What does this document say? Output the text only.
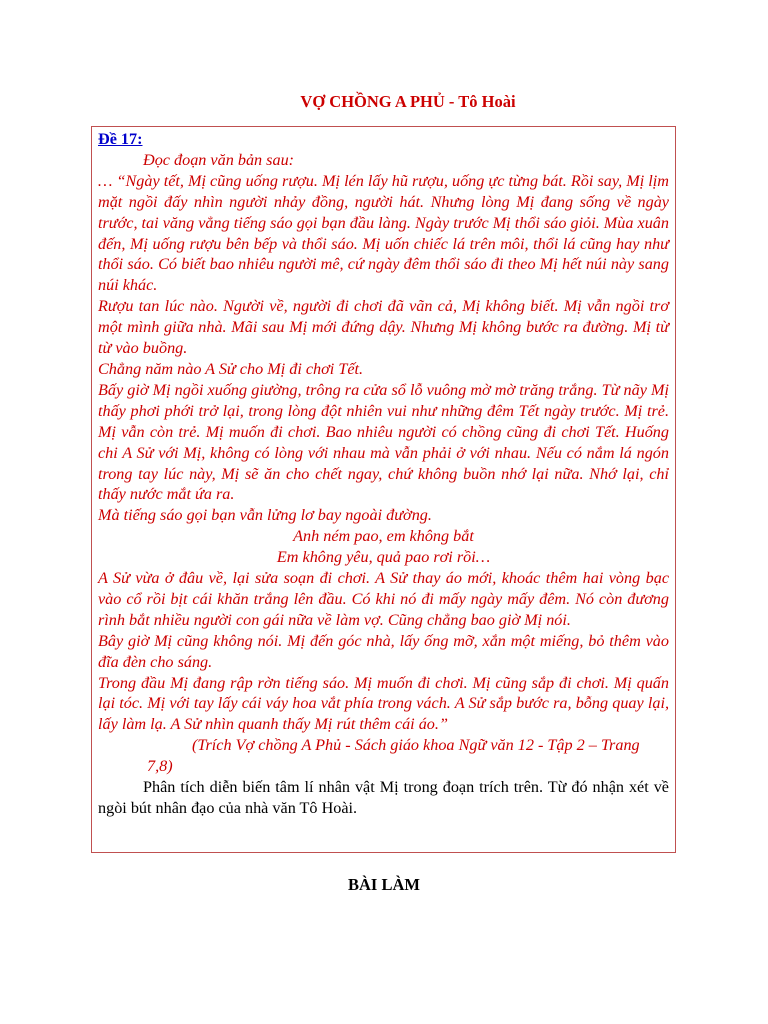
VỢ CHỒNG A PHỦ - Tô Hoài
Đề 17:

Đọc đoạn văn bản sau:

… “Ngày tết, Mị cũng uống rượu. Mị lén lấy hũ rượu, uống ực từng bát. Rồi say, Mị lịm mặt ngồi đấy nhìn người nhảy đồng, người hát. Nhưng lòng Mị đang sống về ngày trước, tai văng vẳng tiếng sáo gọi bạn đầu làng. Ngày trước Mị thổi sáo giỏi. Mùa xuân đến, Mị uống rượu bên bếp và thổi sáo. Mị uốn chiếc lá trên môi, thổi lá cũng hay như thổi sáo. Có biết bao nhiêu người mê, cứ ngày đêm thổi sáo đi theo Mị hết núi này sang núi khác.

Rượu tan lúc nào. Người về, người đi chơi đã vãn cả, Mị không biết. Mị vẫn ngồi trơ một mình giữa nhà. Mãi sau Mị mới đứng dậy. Nhưng Mị không bước ra đường. Mị từ từ vào buồng.

Chẳng năm nào A Sử cho Mị đi chơi Tết.

Bấy giờ Mị ngồi xuống giường, trông ra cửa sổ lỗ vuông mờ mờ trăng trắng. Từ nãy Mị thấy phơi phới trở lại, trong lòng đột nhiên vui như những đêm Tết ngày trước. Mị trẻ. Mị vẫn còn trẻ. Mị muốn đi chơi. Bao nhiêu người có chồng cũng đi chơi Tết. Huống chi A Sử với Mị, không có lòng với nhau mà vẫn phải ở với nhau. Nếu có nắm lá ngón trong tay lúc này, Mị sẽ ăn cho chết ngay, chứ không buồn nhớ lại nữa. Nhớ lại, chỉ thấy nước mắt ứa ra.

Mà tiếng sáo gọi bạn vẫn lửng lơ bay ngoài đường.

Anh ném pao, em không bắt

Em không yêu, quả pao rơi rồi…

A Sử vừa ở đâu về, lại sửa soạn đi chơi. A Sử thay áo mới, khoác thêm hai vòng bạc vào cổ rồi bịt cái khăn trắng lên đầu. Có khi nó đi mấy ngày mấy đêm. Nó còn đương rình bắt nhiều người con gái nữa về làm vợ. Cũng chẳng bao giờ Mị nói.

Bây giờ Mị cũng không nói. Mị đến góc nhà, lấy ống mỡ, xắn một miếng, bỏ thêm vào đĩa đèn cho sáng.

Trong đầu Mị đang rập rờn tiếng sáo. Mị muốn đi chơi. Mị cũng sắp đi chơi. Mị quấn lại tóc. Mị với tay lấy cái váy hoa vắt phía trong vách. A Sử sắp bước ra, bỗng quay lại, lấy làm lạ. A Sử nhìn quanh thấy Mị rút thêm cái áo.”

(Trích Vợ chồng A Phủ - Sách giáo khoa Ngữ văn 12 - Tập 2 – Trang 7,8)

Phân tích diễn biến tâm lí nhân vật Mị trong đoạn trích trên. Từ đó nhận xét về ngòi bút nhân đạo của nhà văn Tô Hoài.

BÀI LÀM
